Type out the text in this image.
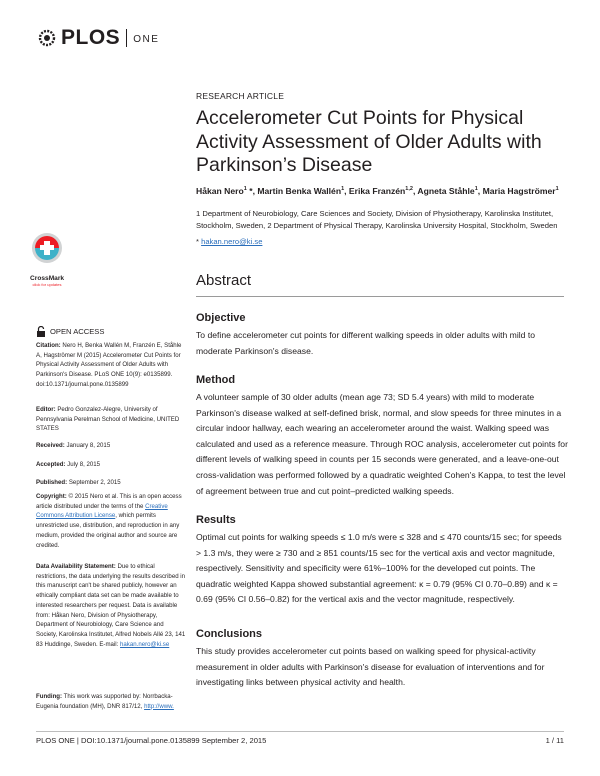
PLOS ONE
RESEARCH ARTICLE
Accelerometer Cut Points for Physical Activity Assessment of Older Adults with Parkinson’s Disease
Håkan Nero$^1$ *, Martin Benka Wallén$^1$, Erika Franzén$^{1,2}$, Agneta Ståhle$^1$, Maria Hagströmer$^1$
1 Department of Neurobiology, Care Sciences and Society, Division of Physiotherapy, Karolinska Institutet, Stockholm, Sweden, 2 Department of Physical Therapy, Karolinska University Hospital, Stockholm, Sweden
* hakan.nero@ki.se
CrossMark
click for updates
OPEN ACCESS
Citation: Nero H, Benka Wallén M, Franzén E, Ståhle A, Hagströmer M (2015) Accelerometer Cut Points for Physical Activity Assessment of Older Adults with Parkinson's Disease. PLoS ONE 10(9): e0135899. doi:10.1371/journal.pone.0135899
Editor: Pedro Gonzalez-Alegre, University of Pennsylvania Perelman School of Medicine, UNITED STATES
Received: January 8, 2015
Accepted: July 8, 2015
Published: September 2, 2015
Copyright: © 2015 Nero et al. This is an open access article distributed under the terms of the Creative Commons Attribution License, which permits unrestricted use, distribution, and reproduction in any medium, provided the original author and source are credited.
Data Availability Statement: Due to ethical restrictions, the data underlying the results described in this manuscript can't be shared publicly, however an ethically compliant data set can be made available to interested researchers per request. Data is available from: Håkan Nero, Division of Physiotherapy, Department of Neurobiology, Care Science and Society, Karolinska Institutet, Alfred Nobels Allé 23, 141 83 Huddinge, Sweden. E-mail: hakan.nero@ki.se
Funding: This work was supported by: Norrbacka-Eugenia foundation (MH), DNR 817/12, http://www.
Abstract
Objective
To define accelerometer cut points for different walking speeds in older adults with mild to moderate Parkinson's disease.
Method
A volunteer sample of 30 older adults (mean age 73; SD 5.4 years) with mild to moderate Parkinson's disease walked at self-defined brisk, normal, and slow speeds for three minutes in a circular indoor hallway, each wearing an accelerometer around the waist. Walking speed was calculated and used as a reference measure. Through ROC analysis, accelerometer cut points for different levels of walking speed in counts per 15 seconds were generated, and a leave-one-out cross-validation was performed followed by a quadratic weighted Cohen's Kappa, to test the level of agreement between true and cut point–predicted walking speeds.
Results
Optimal cut points for walking speeds ≤ 1.0 m/s were ≤ 328 and ≤ 470 counts/15 sec; for speeds > 1.3 m/s, they were ≥ 730 and ≥ 851 counts/15 sec for the vertical axis and vector magnitude, respectively. Sensitivity and specificity were 61%–100% for the developed cut points. The quadratic weighted Kappa showed substantial agreement: κ = 0.79 (95% CI 0.70–0.89) and κ = 0.69 (95% CI 0.56–0.82) for the vertical axis and the vector magnitude, respectively.
Conclusions
This study provides accelerometer cut points based on walking speed for physical-activity measurement in older adults with Parkinson's disease for evaluation of interventions and for investigating links between physical activity and health.
PLOS ONE | DOI:10.1371/journal.pone.0135899 September 2, 2015	1 / 11
